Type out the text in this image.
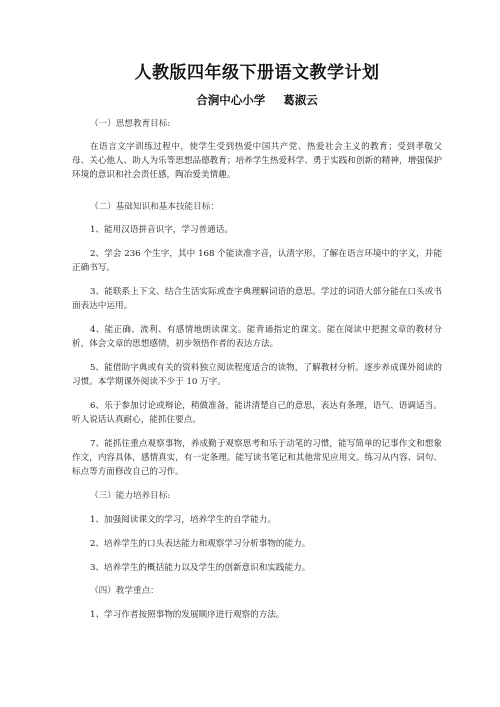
人教版四年级下册语文教学计划

合涧中心小学 葛淑云

（一）思想教育目标:

在语言文字训练过程中，使学生受到热爱中国共产党、热爱社会主义的教育；受到孝敬父母、关心他人、助人为乐等思想品德教育；培养学生热爱科学、勇于实践和创新的精神，增强保护环境的意识和社会责任感，陶冶爱美情趣。

（二）基础知识和基本技能目标：

1、能用汉语拼音识字，学习普通话。

2、学会 236 个生字，其中 168 个能读准字音，认清字形，了解在语言环境中的字义，并能正确书写。

3、能联系上下文、结合生活实际或查字典理解词语的意思。学过的词语大部分能在口头或书面表达中运用。

4、能正确、流利、有感情地朗读课文。能背诵指定的课文。能在阅读中把握文章的教材分析，体会文章的思想感情，初步领悟作者的表达方法。

5、能借助字典或有关的资料独立阅读程度适合的读物，了解教材分析。逐步养成课外阅读的习惯。本学期课外阅读不少于 10 万字。

6、乐于参加讨论或辩论，稍做准备，能讲清楚自己的意思，表达有条理，语气、语调适当。听人说话认真耐心，能抓住要点。

7、能抓住重点观察事物，养成勤于观察思考和乐于动笔的习惯，能写简单的记事作文和想象作文，内容具体，感情真实，有一定条理。能写读书笔记和其他常见应用文。练习从内容、词句、标点等方面修改自己的习作。

（三）能力培养目标:

1、加强阅读课文的学习，培养学生的自学能力。

2、培养学生的口头表达能力和观察学习分析事物的能力。

3、培养学生的概括能力以及学生的创新意识和实践能力。

（四）教学重点：

1、学习作者按照事物的发展顺序进行观察的方法。
